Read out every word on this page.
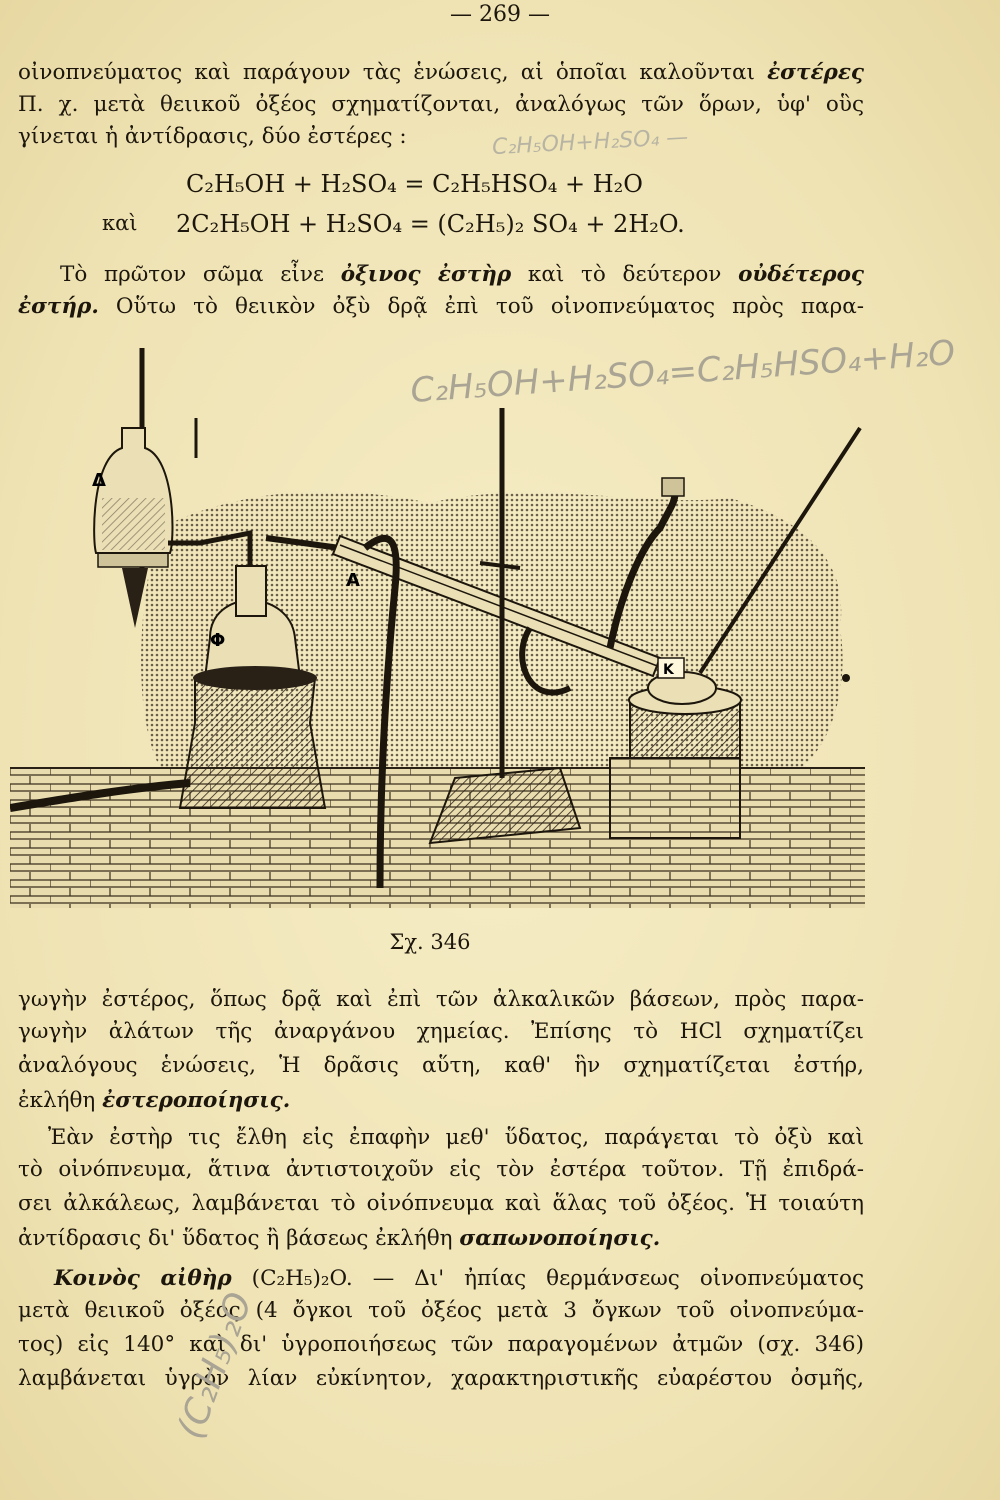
— 269 —
οἰνοπνεύματος καὶ παράγουν τὰς ἑνώσεις, αἱ ὁποῖαι καλοῦνται ἐστέρες
Π. χ. μετὰ θειικοῦ ὀξέος σχηματίζονται, ἀναλόγως τῶν ὅρων, ὑφ' οὓς
γίνεται ἡ ἀντίδρασις, δύο ἐστέρες :	C₂H₅OH+H₂SO₄ —
C₂H₅OH + H₂SO₄ = C₂H₅HSO₄ + H₂O
καὶ 2C₂H₅OH + H₂SO₄ = (C₂H₅)₂ SO₄ + 2H₂O.
Τὸ πρῶτον σῶμα εἶνε ὀξινος ἐστὴρ καὶ τὸ δεύτερον οὐδέτερος
ἐστήρ. Οὕτω τὸ θειικὸν ὀξὺ δρᾷ ἐπὶ τοῦ οἰνοπνεύματος πρὸς παρα-
C₂H₅OH+H₂SO₄=C₂H₅HSO₄+H₂O
Δ
Φ
Α
Κ
Σχ. 346
γωγὴν ἐστέρος, ὅπως δρᾷ καὶ ἐπὶ τῶν ἀλκαλικῶν βάσεων, πρὸς παρα-
γωγὴν ἀλάτων τῆς ἀναργάνου χημείας. Ἐπίσης τὸ HCl σχηματίζει
ἀναλόγους ἑνώσεις, Ἡ δρᾶσις αὕτη, καθ' ἣν σχηματίζεται ἐστήρ,
ἐκλήθη ἐστεροποίησις.
Ἐὰν ἐστὴρ τις ἔλθη εἰς ἐπαφὴν μεθ' ὕδατος, παράγεται τὸ ὀξὺ καὶ
τὸ οἰνόπνευμα, ἅτινα ἀντιστοιχοῦν εἰς τὸν ἐστέρα τοῦτον. Τῇ ἐπιδρά-
σει ἀλκάλεως, λαμβάνεται τὸ οἰνόπνευμα καὶ ἅλας τοῦ ὀξέος. Ἡ τοιαύτη
ἀντίδρασις δι' ὕδατος ἢ βάσεως ἐκλήθη σαπωνοποίησις.
Κοινὸς αἰθὴρ (C₂H₅)₂O. — Δι' ἠπίας θερμάνσεως οἰνοπνεύματος
μετὰ θειικοῦ ὀξέος (4 ὄγκοι τοῦ ὀξέος μετὰ 3 ὄγκων τοῦ οἰνοπνεύμα-
τος) εἰς 140° καὶ δι' ὑγροποιήσεως τῶν παραγομένων ἀτμῶν (σχ. 346)
λαμβάνεται ὑγρὸν λίαν εὐκίνητον, χαρακτηριστικῆς εὐαρέστου ὀσμῆς,
(C₂H₅)₂O
